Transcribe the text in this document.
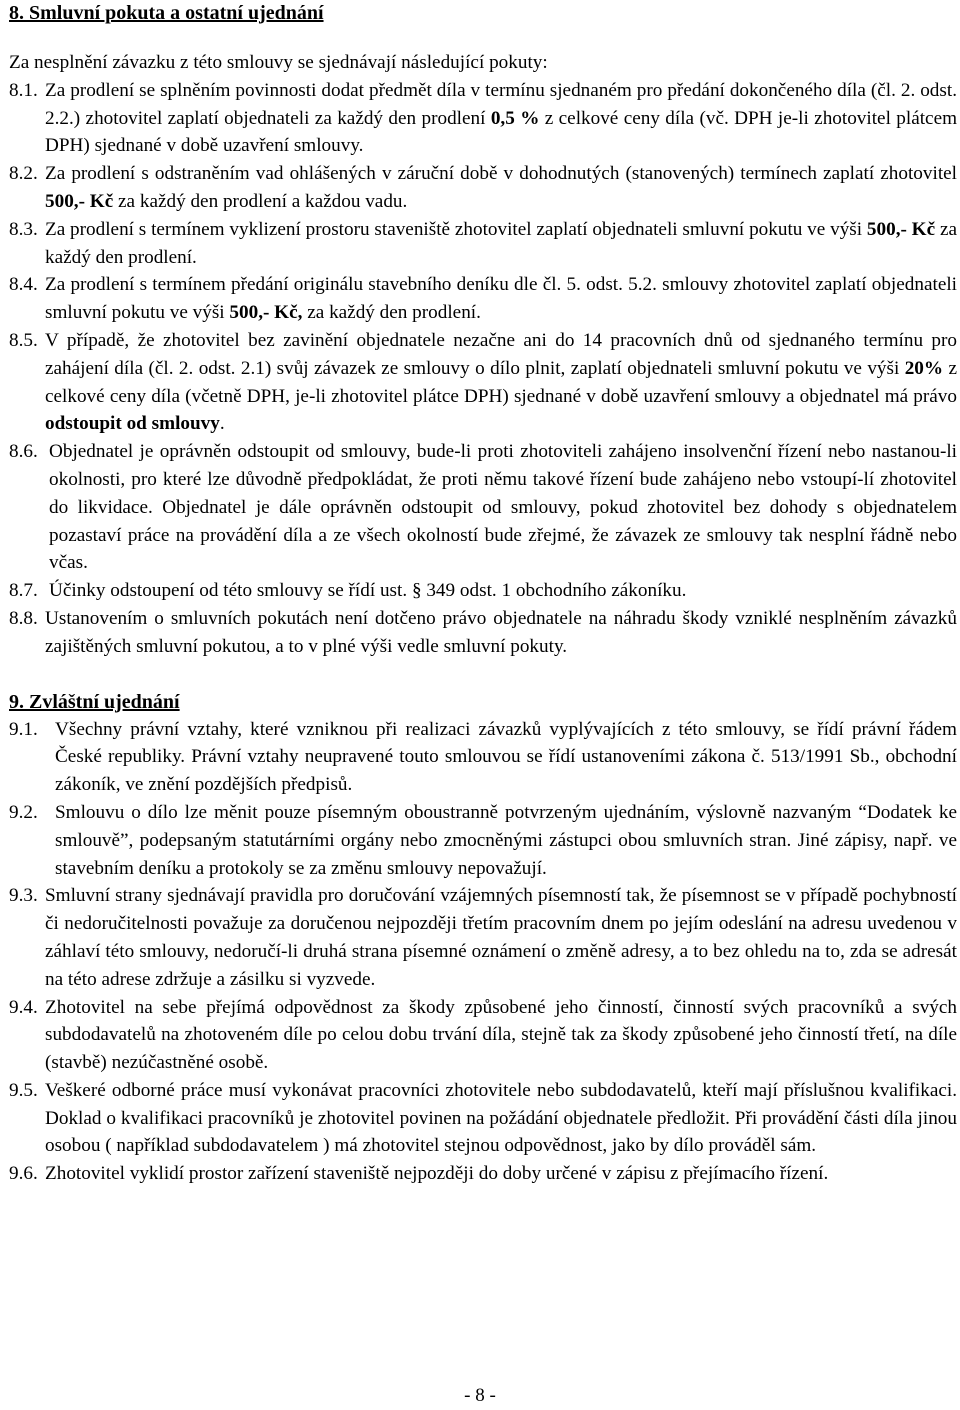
8. Smluvní pokuta a ostatní ujednání

Za nesplnění závazku z této smlouvy se sjednávají následující pokuty:

8.1. Za prodlení se splněním povinnosti dodat předmět díla v termínu sjednaném pro předání dokončeného díla (čl. 2. odst. 2.2.) zhotovitel zaplatí objednateli za každý den prodlení 0,5 % z celkové ceny díla (vč. DPH je-li zhotovitel plátcem DPH) sjednané v době uzavření smlouvy.
8.2. Za prodlení s odstraněním vad ohlášených v záruční době v dohodnutých (stanovených) termínech zaplatí zhotovitel 500,- Kč za každý den prodlení a každou vadu.
8.3. Za prodlení s termínem vyklizení prostoru staveniště zhotovitel zaplatí objednateli smluvní pokutu ve výši 500,- Kč za každý den prodlení.
8.4. Za prodlení s termínem předání originálu stavebního deníku dle čl. 5. odst. 5.2. smlouvy zhotovitel zaplatí objednateli smluvní pokutu ve výši 500,- Kč, za každý den prodlení.
8.5. V případě, že zhotovitel bez zavinění objednatele nezačne ani do 14 pracovních dnů od sjednaného termínu pro zahájení díla (čl. 2. odst. 2.1) svůj závazek ze smlouvy o dílo plnit, zaplatí objednateli smluvní pokutu ve výši 20% z celkové ceny díla (včetně DPH, je-li zhotovitel plátce DPH) sjednané v době uzavření smlouvy a objednatel má právo odstoupit od smlouvy.
8.6. Objednatel je oprávněn odstoupit od smlouvy, bude-li proti zhotoviteli zahájeno insolvenční řízení nebo nastanou-li okolnosti, pro které lze důvodně předpokládat, že proti němu takové řízení bude zahájeno nebo vstoupí-lí zhotovitel do likvidace. Objednatel je dále oprávněn odstoupit od smlouvy, pokud zhotovitel bez dohody s objednatelem pozastaví práce na provádění díla a ze všech okolností bude zřejmé, že závazek ze smlouvy tak nesplní řádně nebo včas.
8.7. Účinky odstoupení od této smlouvy se řídí ust. § 349 odst. 1 obchodního zákoníku.
8.8. Ustanovením o smluvních pokutách není dotčeno právo objednatele na náhradu škody vzniklé nesplněním závazků zajištěných smluvní pokutou, a to v plné výši vedle smluvní pokuty.
9. Zvláštní ujednání
9.1. Všechny právní vztahy, které vzniknou při realizaci závazků vyplývajících z této smlouvy, se řídí právní řádem České republiky. Právní vztahy neupravené touto smlouvou se řídí ustanoveními zákona č. 513/1991 Sb., obchodní zákoník, ve znění pozdějších předpisů.
9.2. Smlouvu o dílo lze měnit pouze písemným oboustranně potvrzeným ujednáním, výslovně nazvaným “Dodatek ke smlouvě”, podepsaným statutárními orgány nebo zmocněnými zástupci obou smluvních stran. Jiné zápisy, např. ve stavebním deníku a protokoly se za změnu smlouvy nepovažují.
9.3. Smluvní strany sjednávají pravidla pro doručování vzájemných písemností tak, že písemnost se v případě pochybností či nedoručitelnosti považuje za doručenou nejpozději třetím pracovním dnem po jejím odeslání na adresu uvedenou v záhlaví této smlouvy, nedoručí-li druhá strana písemné oznámení o změně adresy, a to bez ohledu na to, zda se adresát na této adrese zdržuje a zásilku si vyzvede.
9.4. Zhotovitel na sebe přejímá odpovědnost za škody způsobené jeho činností, činností svých pracovníků a svých subdodavatelů na zhotoveném díle po celou dobu trvání díla, stejně tak za škody způsobené jeho činností třetí, na díle (stavbě) nezúčastněné osobě.
9.5. Veškeré odborné práce musí vykonávat pracovníci zhotovitele nebo subdodavatelů, kteří mají příslušnou kvalifikaci. Doklad o kvalifikaci pracovníků je zhotovitel povinen na požádání objednatele předložit. Při provádění části díla jinou osobou ( například subdodavatelem ) má zhotovitel stejnou odpovědnost, jako by dílo prováděl sám.
9.6. Zhotovitel vyklidí prostor zařízení staveniště nejpozději do doby určené v zápisu z přejímacího řízení.
- 8 -
